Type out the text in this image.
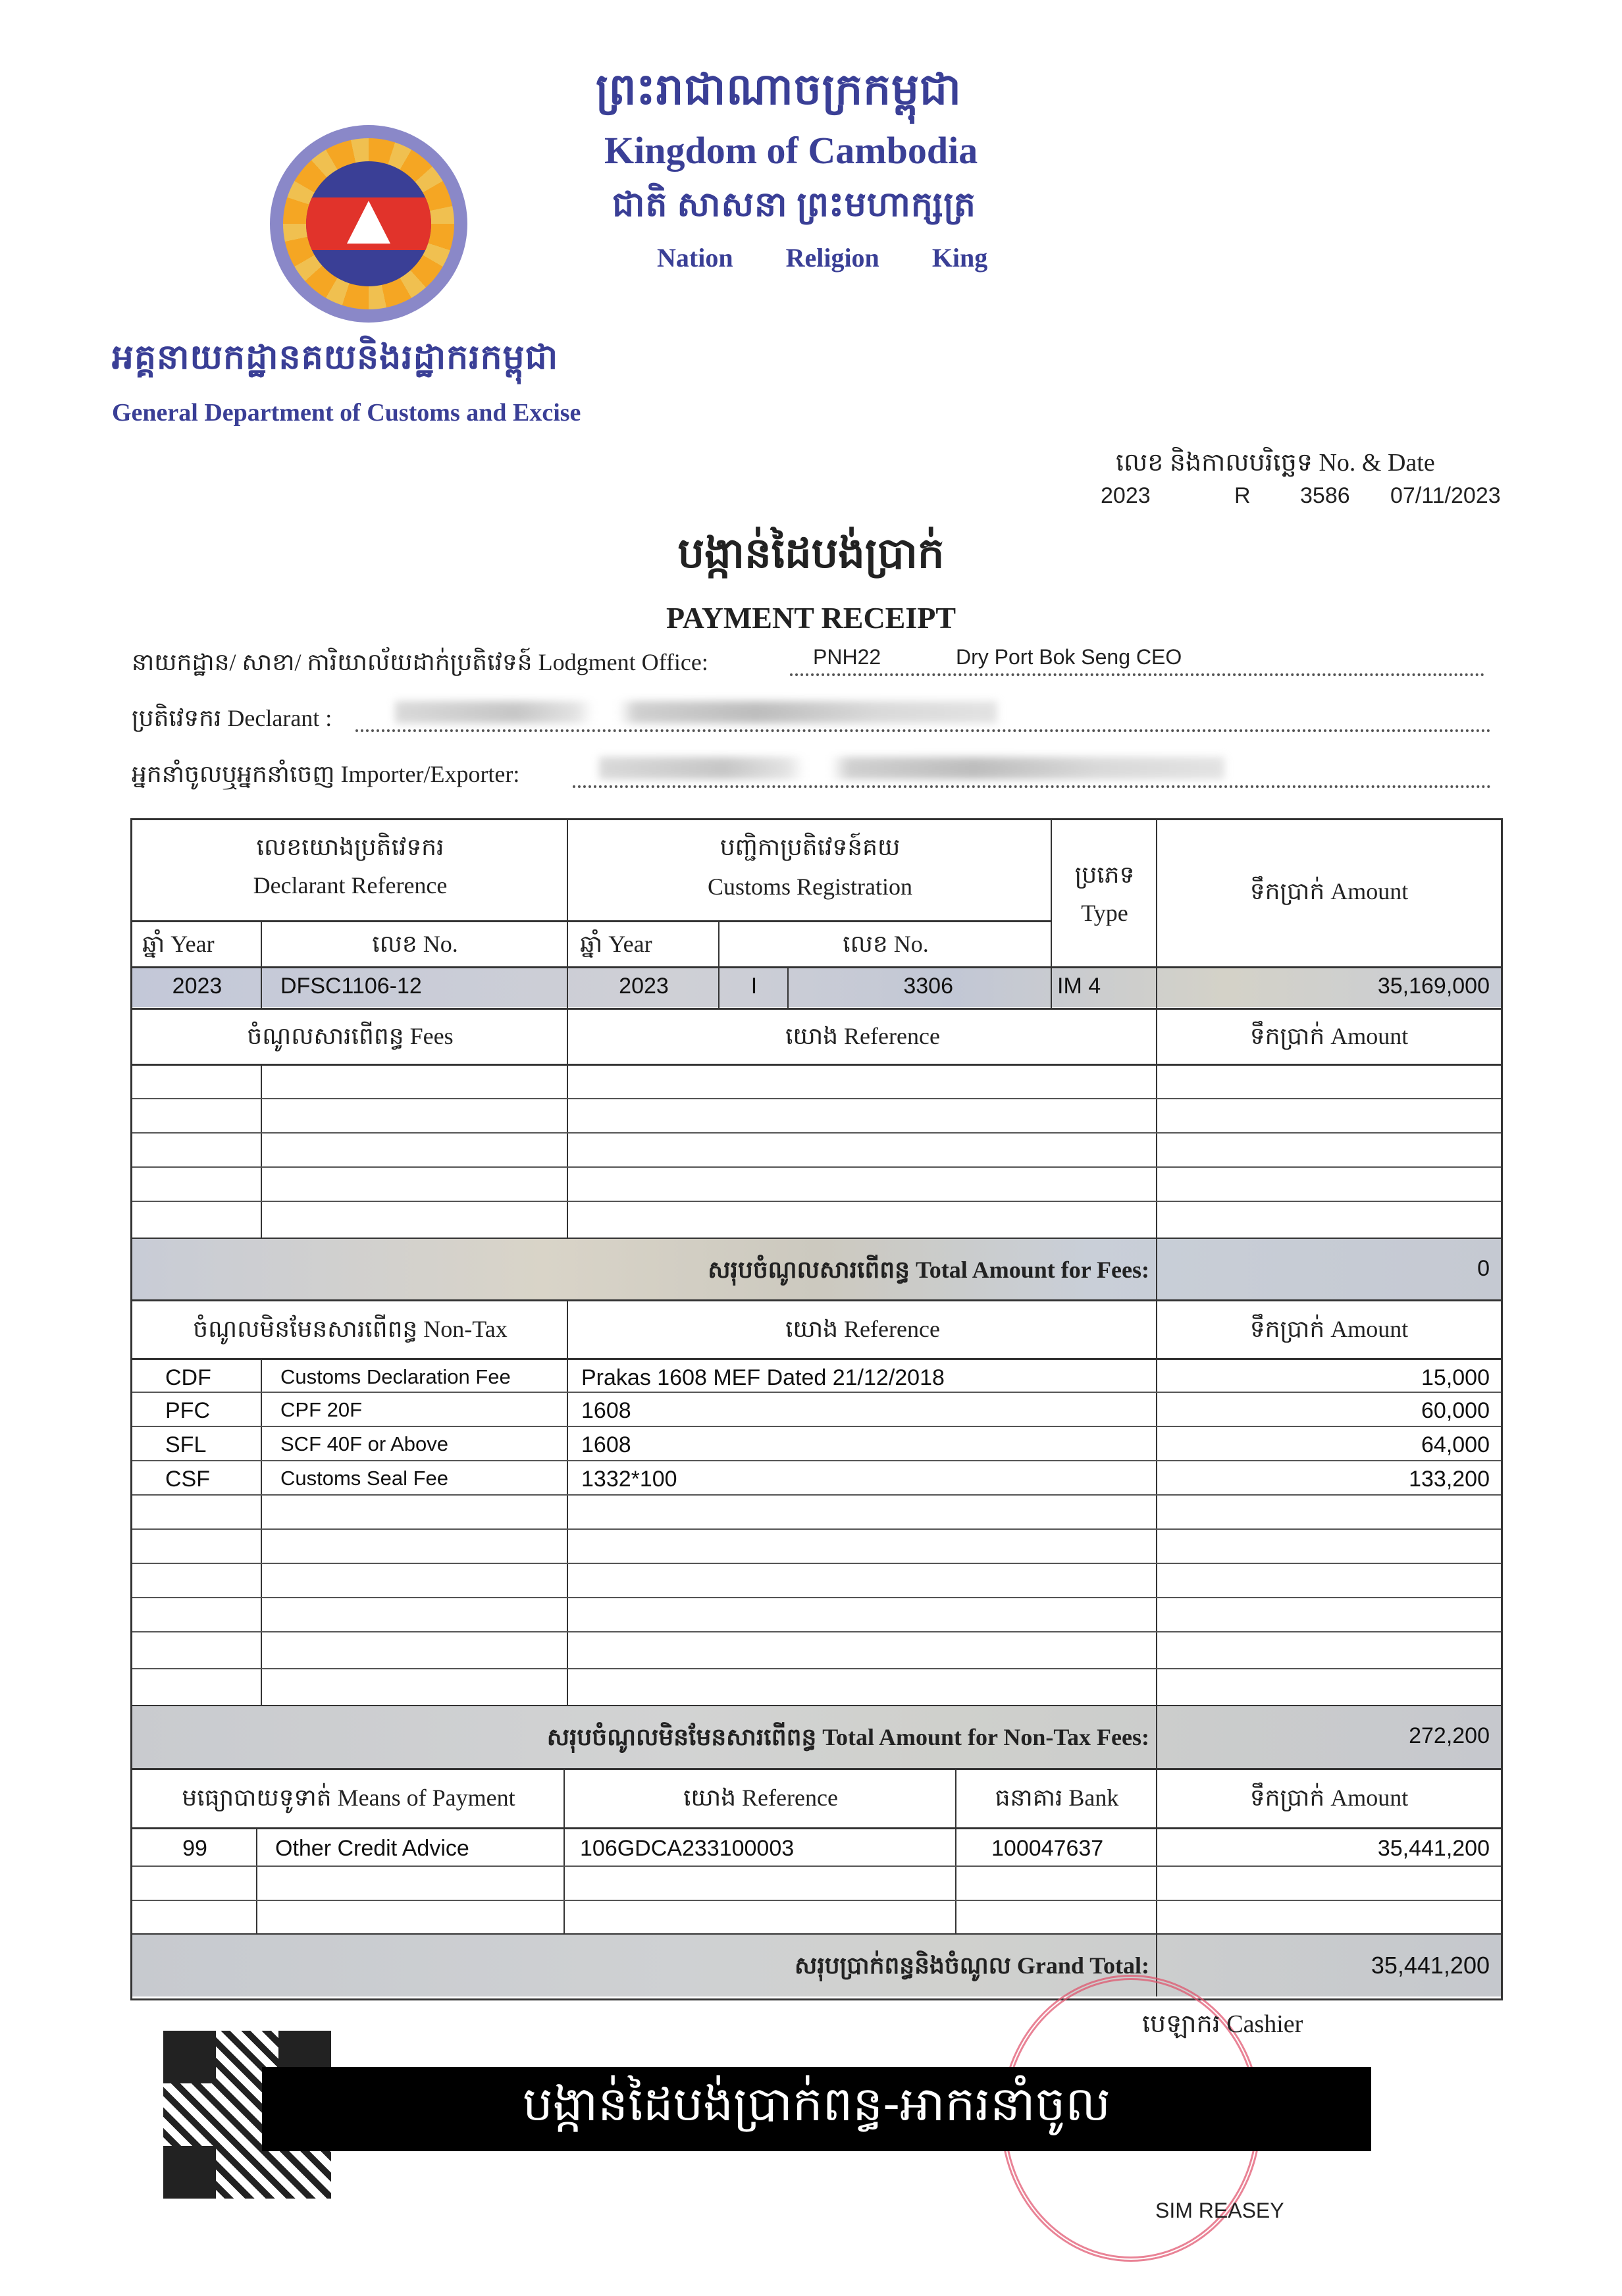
ព្រះរាជាណាចក្រកម្ពុជា
Kingdom of Cambodia
ជាតិ សាសនា ព្រះមហាក្សត្រ
Nation Religion King
អគ្គនាយកដ្ឋានគយនិងរដ្ឋាករកម្ពុជា
General Department of Customs and Excise
លេខ និងកាលបរិច្ឆេទ No. & Date
2023	R 3586 07/11/2023
បង្កាន់ដៃបង់ប្រាក់
PAYMENT RECEIPT
នាយកដ្ឋាន/ សាខា/ ការិយាល័យដាក់ប្រតិវេទន៍ Lodgment Office:	PNH22	Dry Port Bok Seng CEO
ប្រតិវេទករ Declarant :
អ្នកនាំចូលឬអ្នកនាំចេញ Importer/Exporter:
លេខយោងប្រតិវេទករ
Declarant Reference
បញ្ជិកាប្រតិវេទន៍គយ
Customs Registration	ប្រភេទ
Type
ទឹកប្រាក់ Amount
ឆ្នាំ Year	លេខ No.	ឆ្នាំ Year	លេខ No.
2023	DFSC1106-12	2023	I	3306	IM 4	35,169,000
ចំណូលសារពើពន្ធ Fees	យោង Reference	ទឹកប្រាក់ Amount
សរុបចំណូលសារពើពន្ធ Total Amount for Fees:	0
ចំណូលមិនមែនសារពើពន្ធ Non-Tax	យោង Reference	ទឹកប្រាក់ Amount
CDF	Customs Declaration Fee	Prakas 1608 MEF Dated 21/12/2018	15,000
PFC	CPF 20F	1608	60,000
SFL	SCF 40F or Above	1608	64,000
CSF	Customs Seal Fee	1332*100	133,200
សរុបចំណូលមិនមែនសារពើពន្ធ Total Amount for Non-Tax Fees:	272,200
មធ្យោបាយទូទាត់ Means of Payment	យោង Reference	ធនាគារ Bank	ទឹកប្រាក់ Amount
99	Other Credit Advice	106GDCA233100003	100047637	35,441,200
សរុបប្រាក់ពន្ធនិងចំណូល Grand Total:	35,441,200
បេឡាករ Cashier
SIM REASEY
បង្កាន់ដៃបង់ប្រាក់ពន្ធ-អាករនាំចូល
